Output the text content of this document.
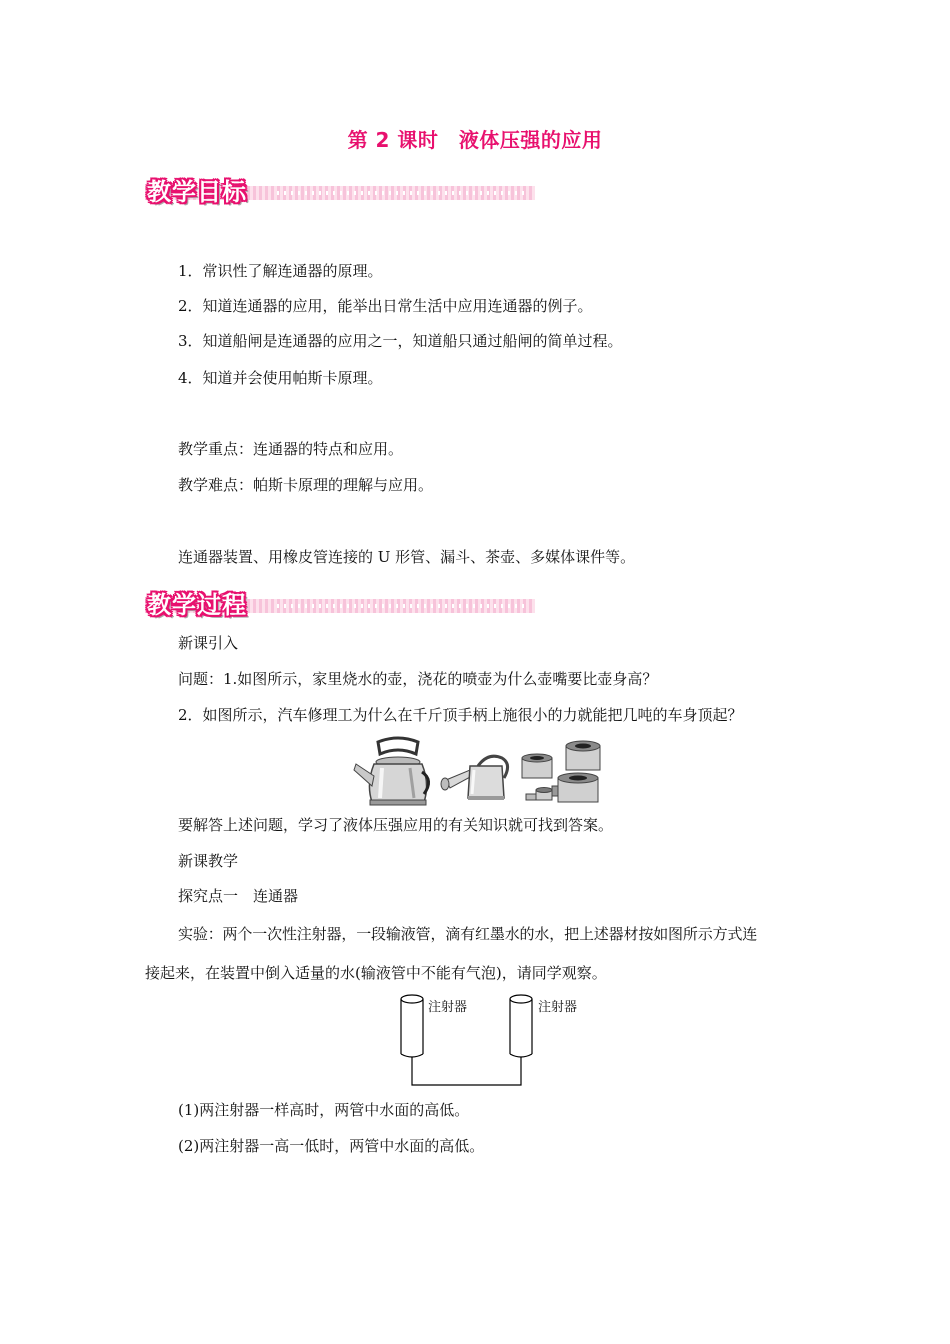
第 2 课时　液体压强的应用
教学目标
1．常识性了解连通器的原理。
2．知道连通器的应用，能举出日常生活中应用连通器的例子。
3．知道船闸是连通器的应用之一，知道船只通过船闸的简单过程。
4．知道并会使用帕斯卡原理。
教学重点：连通器的特点和应用。
教学难点：帕斯卡原理的理解与应用。
连通器装置、用橡皮管连接的 U 形管、漏斗、茶壶、多媒体课件等。
教学过程
新课引入
问题：1.如图所示，家里烧水的壶，浇花的喷壶为什么壶嘴要比壶身高？
2．如图所示，汽车修理工为什么在千斤顶手柄上施很小的力就能把几吨的车身顶起？
要解答上述问题，学习了液体压强应用的有关知识就可找到答案。
新课教学
探究点一　连通器
实验：两个一次性注射器，一段输液管，滴有红墨水的水，把上述器材按如图所示方式连
接起来，在装置中倒入适量的水(输液管中不能有气泡)，请同学观察。
注射器	注射器
(1)两注射器一样高时，两管中水面的高低。
(2)两注射器一高一低时，两管中水面的高低。
